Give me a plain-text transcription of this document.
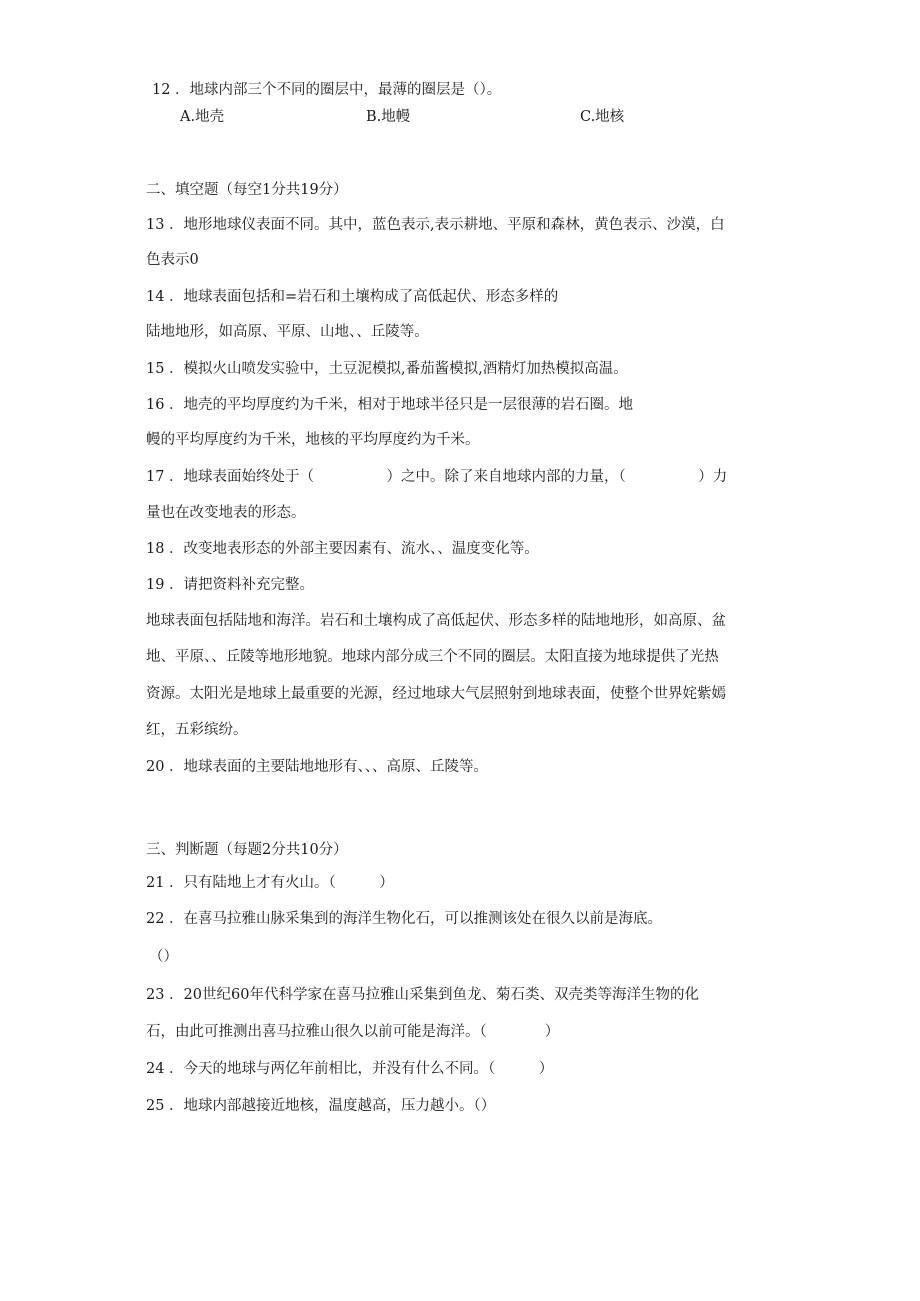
12 ．地球内部三个不同的圈层中，最薄的圈层是（）。
A.地壳	B.地幔	C.地核
二、填空题（每空1分共19分）
13 ．地形地球仪表面不同。其中，蓝色表示,表示耕地、平原和森林，黄色表示、沙漠，白
色表示0
14 ．地球表面包括和=岩石和土壤构成了高低起伏、形态多样的
陆地地形，如高原、平原、山地、、丘陵等。
15 ．模拟火山喷发实验中，土豆泥模拟,番茄酱模拟,酒精灯加热模拟高温。
16 ．地壳的平均厚度约为千米，相对于地球半径只是一层很薄的岩石圈。地
幔的平均厚度约为千米，地核的平均厚度约为千米。
17 ．地球表面始终处于（　　　　　）之中。除了来自地球内部的力量，（　　　　　）力
量也在改变地表的形态。
18 ．改变地表形态的外部主要因素有、流水、、温度变化等。
19 ．请把资料补充完整。
地球表面包括陆地和海洋。岩石和土壤构成了高低起伏、形态多样的陆地地形，如高原、盆
地、平原、、丘陵等地形地貌。地球内部分成三个不同的圈层。太阳直接为地球提供了光热
资源。太阳光是地球上最重要的光源，经过地球大气层照射到地球表面，使整个世界姹紫嫣
红，五彩缤纷。
20 ．地球表面的主要陆地地形有、、、高原、丘陵等。
三、判断题（每题2分共10分）
21 ．只有陆地上才有火山。（　　　）
22 ．在喜马拉雅山脉采集到的海洋生物化石，可以推测该处在很久以前是海底。
（）
23 ．20世纪60年代科学家在喜马拉雅山采集到鱼龙、菊石类、双壳类等海洋生物的化
石，由此可推测出喜马拉雅山很久以前可能是海洋。（　　　　）
24 ．今天的地球与两亿年前相比，并没有什么不同。（　　　）
25 ．地球内部越接近地核，温度越高，压力越小。（）
